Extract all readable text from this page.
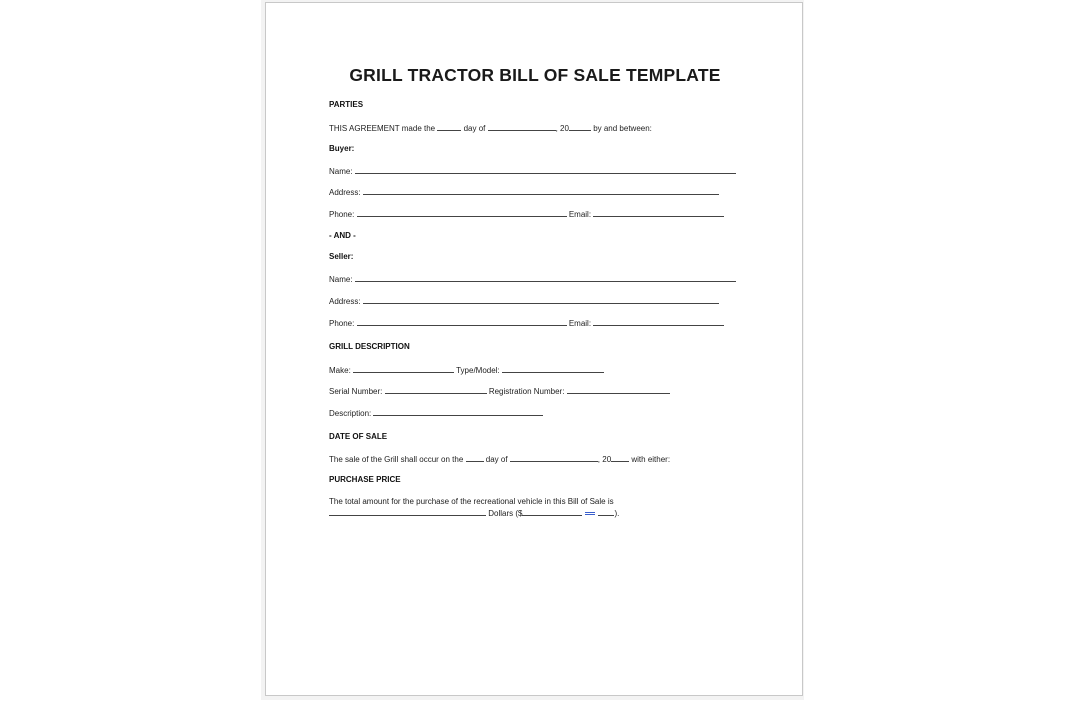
GRILL TRACTOR BILL OF SALE TEMPLATE
PARTIES
THIS AGREEMENT made the	day of	, 20	by and between:
Buyer:
Name:
Address:
Phone:	Email:
- AND -
Seller:
Name:
Address:
Phone:	Email:
GRILL DESCRIPTION
Make:	Type/Model:
Serial Number:	Registration Number:
Description:
DATE OF SALE
The sale of the Grill shall occur on the	day of	, 20	with either:
PURCHASE PRICE
The total amount for the purchase of the recreational vehicle in this Bill of Sale is
Dollars ($	).
